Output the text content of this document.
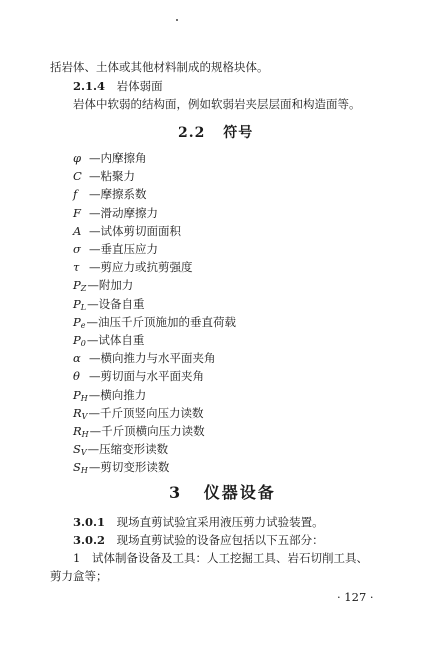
括岩体、土体或其他材料制成的规格块体。
2.1.4 岩体弱面
岩体中软弱的结构面，例如软弱岩夹层层面和构造面等。
2.2 符号
φ —内摩擦角
C —粘聚力
f —摩擦系数
F —滑动摩擦力
A —试体剪切面面积
σ —垂直压应力
τ —剪应力或抗剪强度
$P_Z—$附加力
$P_L—$设备自重
$P_e—$油压千斤顶施加的垂直荷载
$P_0—$试体自重
α —横向推力与水平面夹角
θ —剪切面与水平面夹角
$P_H—$横向推力
$R_V—$千斤顶竖向压力读数
$R_H—$千斤顶横向压力读数
$S_V—$压缩变形读数
$S_H—$剪切变形读数
3 仪器设备
3.0.1 现场直剪试验宜采用液压剪力试验装置。
3.0.2 现场直剪试验的设备应包括以下五部分：
1 试体制备设备及工具：人工挖掘工具、岩石切削工具、
剪力盒等；
· 127 ·
